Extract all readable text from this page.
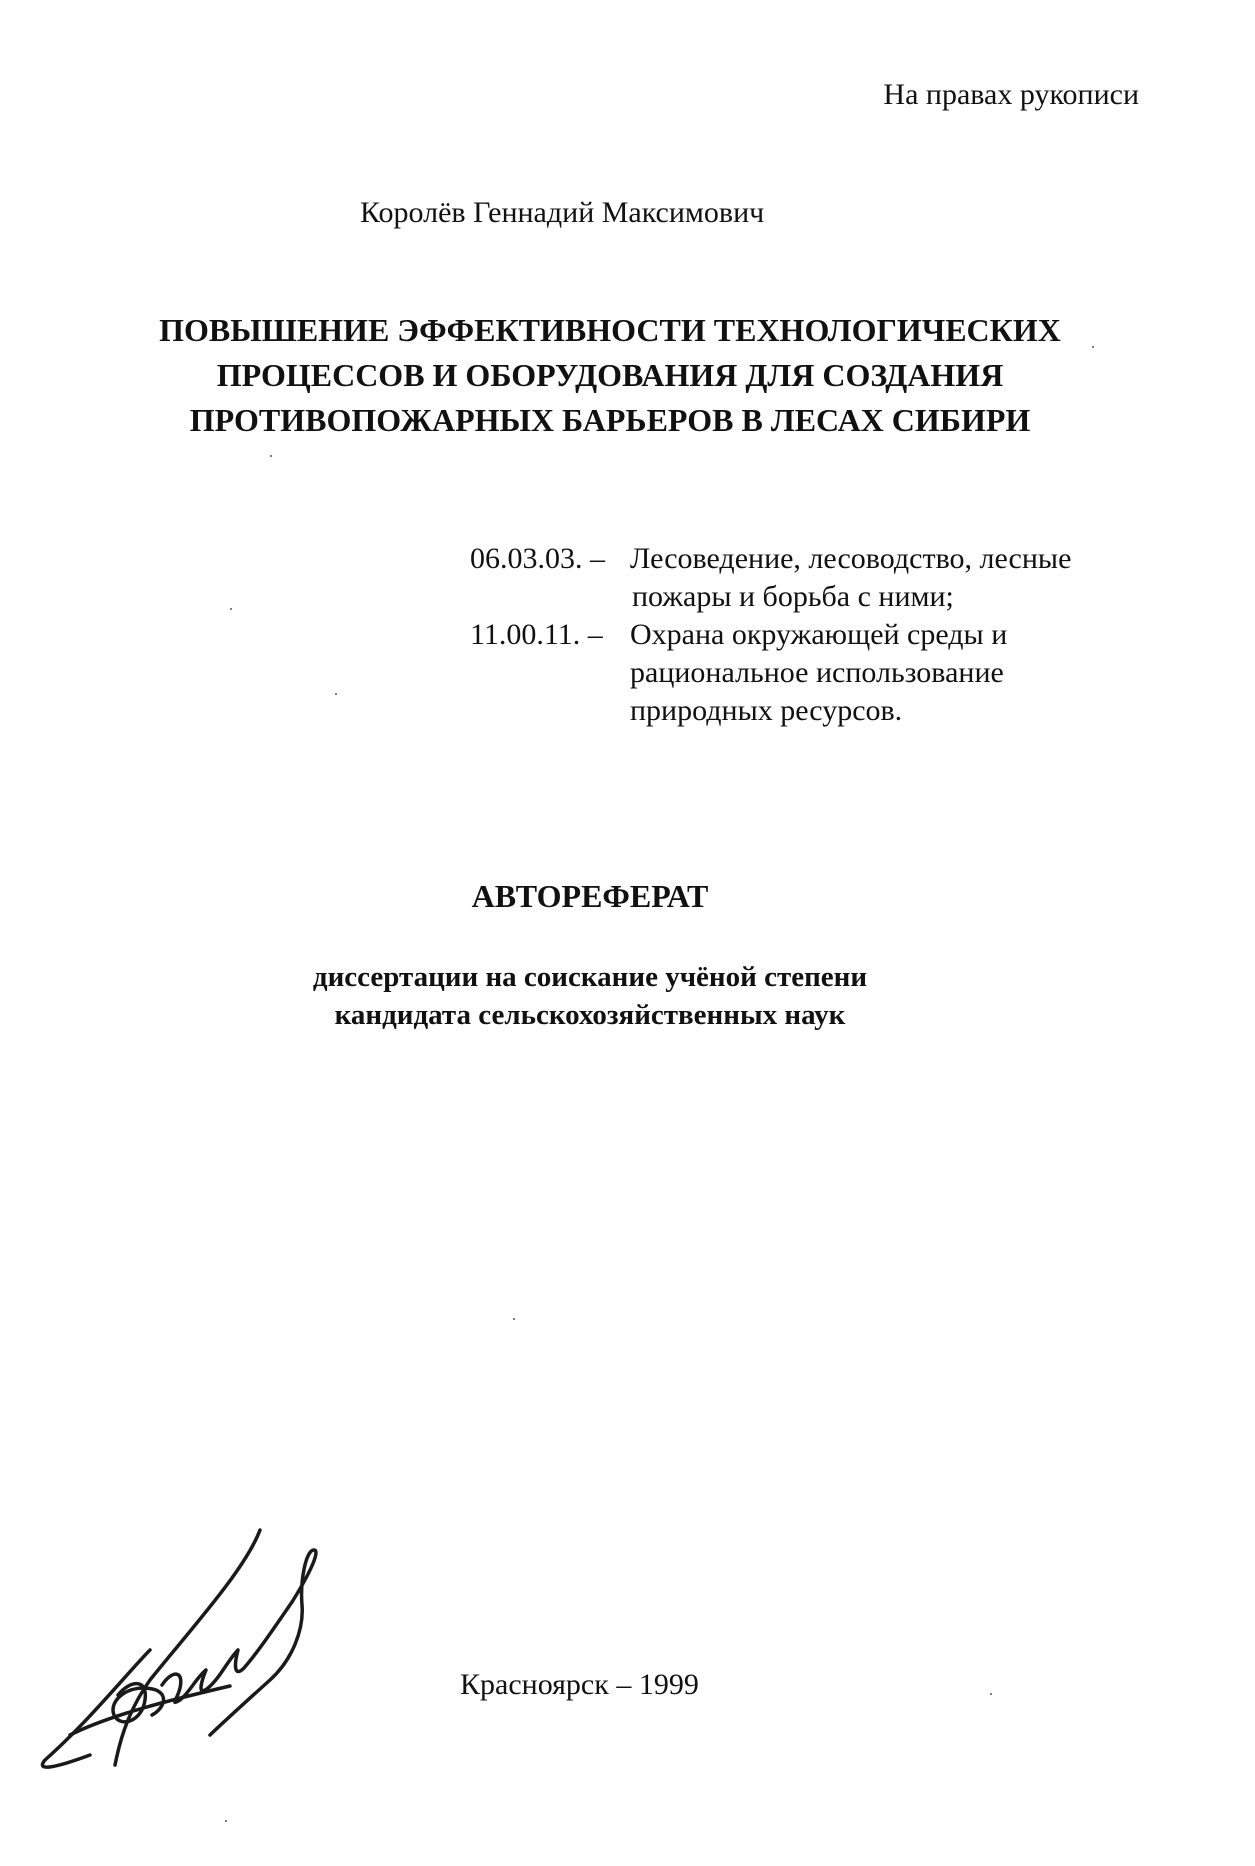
На правах рукописи
Королёв Геннадий Максимович
ПОВЫШЕНИЕ ЭФФЕКТИВНОСТИ ТЕХНОЛОГИЧЕСКИХ
ПРОЦЕССОВ И ОБОРУДОВАНИЯ ДЛЯ СОЗДАНИЯ
ПРОТИВОПОЖАРНЫХ БАРЬЕРОВ В ЛЕСАХ СИБИРИ
06.03.03. – Лесоведение, лесоводство, лесные
пожары и борьба с ними;
11.00.11. – Охрана окружающей среды и
рациональное использование
природных ресурсов.
АВТОРЕФЕРАТ
диссертации на соискание учёной степени
кандидата сельскохозяйственных наук
Красноярск – 1999
